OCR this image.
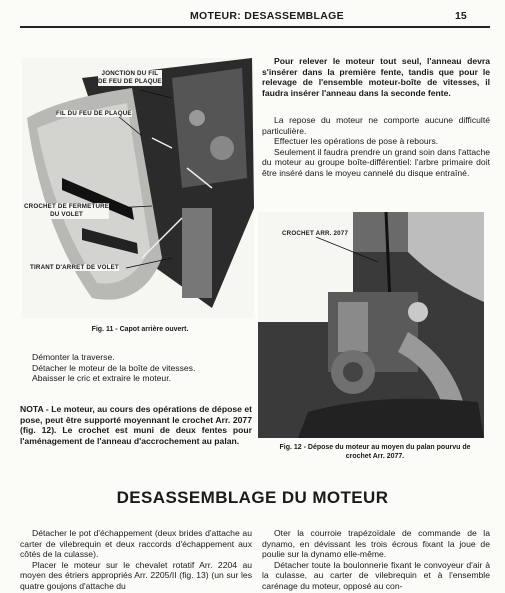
MOTEUR: DESASSEMBLAGE	15
JONCTION DU FIL
DE FEU DE PLAQUE
FIL DU FEU DE PLAQUE
CROCHET DE FERMETURE
DU VOLET
TIRANT D'ARRET DE VOLET
Fig. 11 - Capot arrière ouvert.

Pour relever le moteur tout seul, l'anneau devra s'insérer dans la première fente, tandis que pour le relevage de l'ensemble moteur-boîte de vitesses, il faudra insérer l'anneau dans la seconde fente.

La repose du moteur ne comporte aucune difficulté particulière.

Effectuer les opérations de pose à rebours.

Seulement il faudra prendre un grand soin dans l'attache du moteur au groupe boîte-différentiel: l'arbre primaire doit être inséré dans le moyeu cannelé du disque entraîné.

CROCHET ARR. 2077
Fig. 12 - Dépose du moteur au moyen du palan pourvu de crochet Arr. 2077.

Démonter la traverse.

Détacher le moteur de la boîte de vitesses.

Abaisser le cric et extraire le moteur.

NOTA - Le moteur, au cours des opérations de dépose et pose, peut être supporté moyennant le crochet Arr. 2077 (fig. 12). Le crochet est muni de deux fentes pour l'aménagement de l'anneau d'accrochement au palan.

DESASSEMBLAGE DU MOTEUR

Détacher le pot d'échappement (deux brides d'attache au carter de vilebrequin et deux raccords d'échappement aux côtés de la culasse).

Placer le moteur sur le chevalet rotatif Arr. 2204 au moyen des étriers appropriés Arr. 2205/II (fig. 13) (un sur les quatre goujons d'attache du

Oter la courroie trapézoïdale de commande de la dynamo, en dévissant les trois écrous fixant la joue de poulie sur la dynamo elle-même.

Détacher toute la boulonnerie fixant le convoyeur d'air à la culasse, au carter de vilebrequin et à l'ensemble carénage du moteur, opposé au con-
